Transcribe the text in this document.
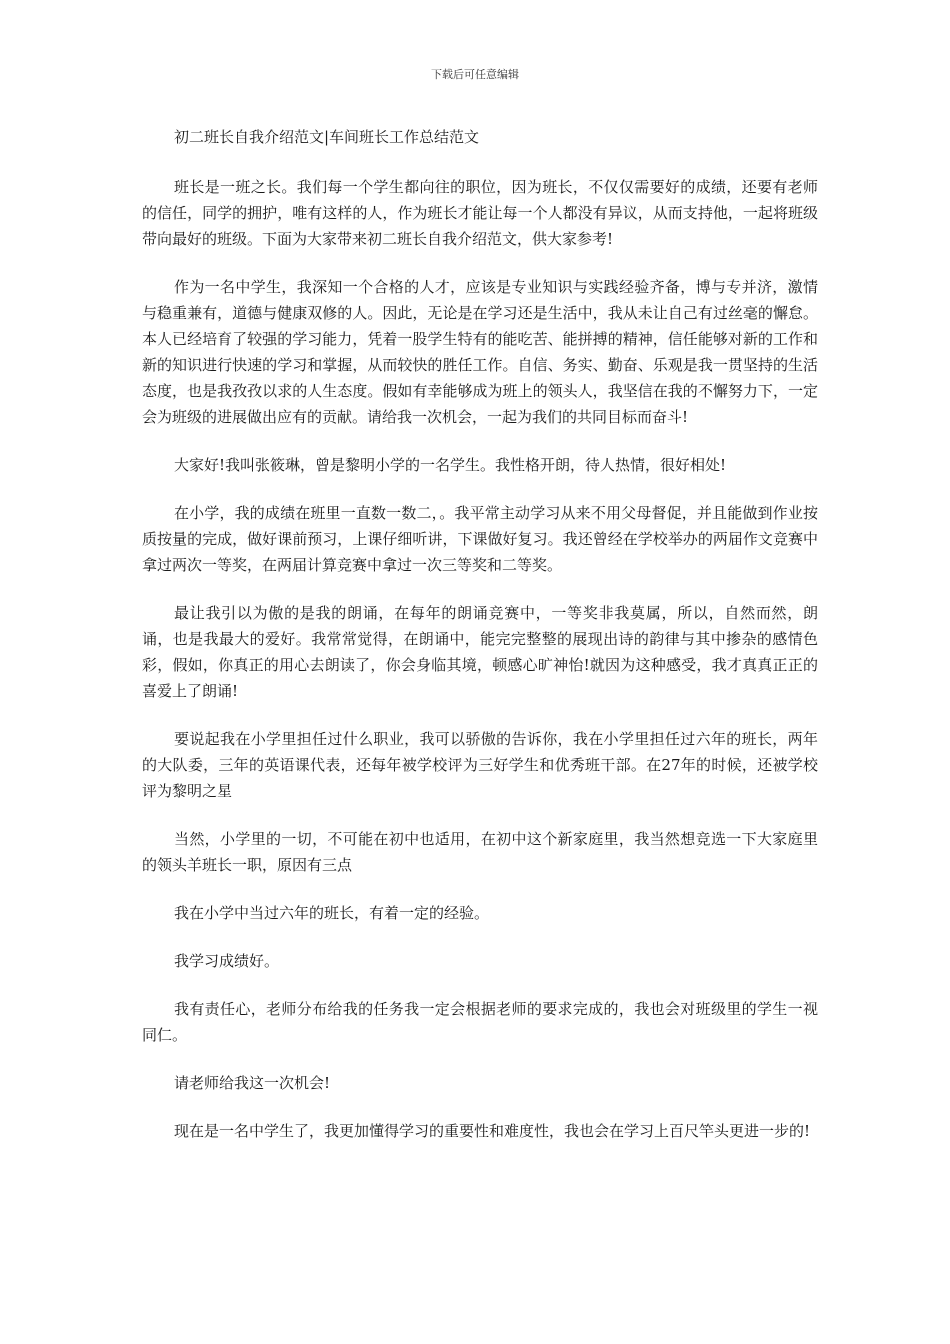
下载后可任意编辑

初二班长自我介绍范文|车间班长工作总结范文

班长是一班之长。我们每一个学生都向往的职位，因为班长，不仅仅需要好的成绩，还要有老师的信任，同学的拥护，唯有这样的人，作为班长才能让每一个人都没有异议，从而支持他，一起将班级带向最好的班级。下面为大家带来初二班长自我介绍范文，供大家参考!

作为一名中学生，我深知一个合格的人才，应该是专业知识与实践经验齐备，博与专并济，激情与稳重兼有，道德与健康双修的人。因此，无论是在学习还是生活中，我从未让自己有过丝毫的懈怠。本人已经培育了较强的学习能力，凭着一股学生特有的能吃苦、能拼搏的精神，信任能够对新的工作和新的知识进行快速的学习和掌握，从而较快的胜任工作。自信、务实、勤奋、乐观是我一贯坚持的生活态度，也是我孜孜以求的人生态度。假如有幸能够成为班上的领头人，我坚信在我的不懈努力下，一定会为班级的进展做出应有的贡献。请给我一次机会，一起为我们的共同目标而奋斗!

大家好!我叫张筱琳，曾是黎明小学的一名学生。我性格开朗，待人热情，很好相处!

在小学，我的成绩在班里一直数一数二，。我平常主动学习从来不用父母督促，并且能做到作业按质按量的完成，做好课前预习，上课仔细听讲，下课做好复习。我还曾经在学校举办的两届作文竞赛中拿过两次一等奖，在两届计算竞赛中拿过一次三等奖和二等奖。

最让我引以为傲的是我的朗诵，在每年的朗诵竞赛中，一等奖非我莫属，所以，自然而然，朗诵，也是我最大的爱好。我常常觉得，在朗诵中，能完完整整的展现出诗的韵律与其中掺杂的感情色彩，假如，你真正的用心去朗读了，你会身临其境，顿感心旷神怡!就因为这种感受，我才真真正正的喜爱上了朗诵!

要说起我在小学里担任过什么职业，我可以骄傲的告诉你，我在小学里担任过六年的班长，两年的大队委，三年的英语课代表，还每年被学校评为三好学生和优秀班干部。在27年的时候，还被学校评为黎明之星

当然，小学里的一切，不可能在初中也适用，在初中这个新家庭里，我当然想竞选一下大家庭里的领头羊班长一职，原因有三点

我在小学中当过六年的班长，有着一定的经验。

我学习成绩好。

我有责任心，老师分布给我的任务我一定会根据老师的要求完成的，我也会对班级里的学生一视同仁。

请老师给我这一次机会!

现在是一名中学生了，我更加懂得学习的重要性和难度性，我也会在学习上百尺竿头更进一步的!
